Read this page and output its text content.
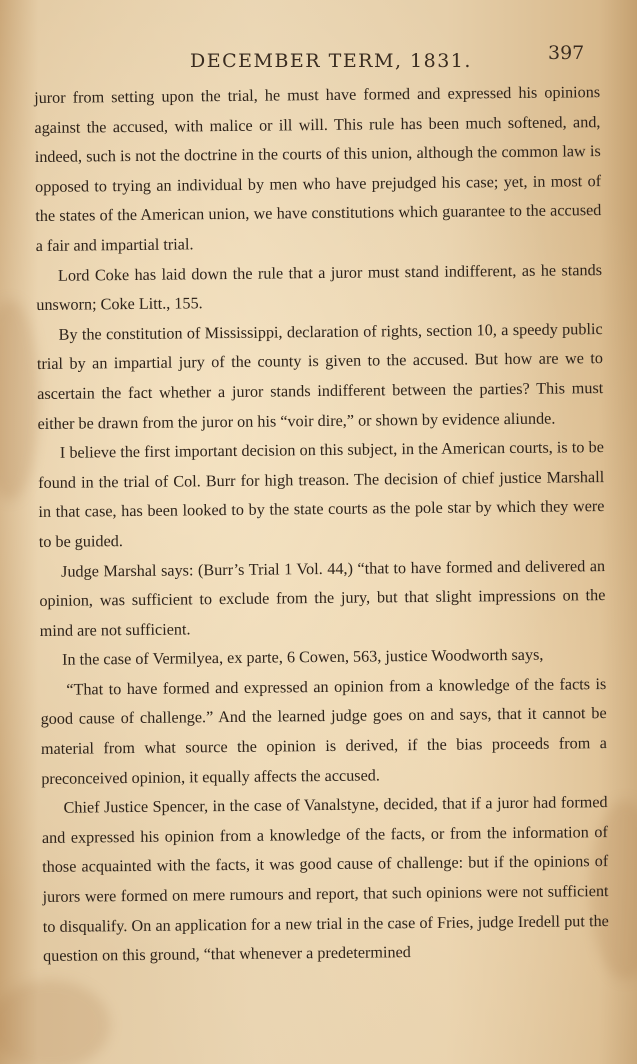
DECEMBER TERM, 1831.	397

juror from setting upon the trial, he must have formed and expressed his opinions against the accused, with malice or ill will. This rule has been much softened, and, indeed, such is not the doctrine in the courts of this union, although the common law is opposed to trying an individual by men who have prejudged his case; yet, in most of the states of the American union, we have constitutions which guarantee to the accused a fair and impartial trial.

Lord Coke has laid down the rule that a juror must stand indifferent, as he stands unsworn; Coke Litt., 155.

By the constitution of Mississippi, declaration of rights, section 10, a speedy public trial by an impartial jury of the county is given to the accused. But how are we to ascertain the fact whether a juror stands indifferent between the parties? This must either be drawn from the juror on his “voir dire,” or shown by evidence aliunde.

I believe the first important decision on this subject, in the American courts, is to be found in the trial of Col. Burr for high treason. The decision of chief justice Marshall in that case, has been looked to by the state courts as the pole star by which they were to be guided.

Judge Marshal says: (Burr’s Trial 1 Vol. 44,) “that to have formed and delivered an opinion, was sufficient to exclude from the jury, but that slight impressions on the mind are not sufficient.

In the case of Vermilyea, ex parte, 6 Cowen, 563, justice Woodworth says,

“That to have formed and expressed an opinion from a knowledge of the facts is good cause of challenge.” And the learned judge goes on and says, that it cannot be material from what source the opinion is derived, if the bias proceeds from a preconceived opinion, it equally affects the accused.

Chief Justice Spencer, in the case of Vanalstyne, decided, that if a juror had formed and expressed his opinion from a knowledge of the facts, or from the information of those acquainted with the facts, it was good cause of challenge: but if the opinions of jurors were formed on mere rumours and report, that such opinions were not sufficient to disqualify. On an application for a new trial in the case of Fries, judge Iredell put the question on this ground, “that whenever a predetermined
